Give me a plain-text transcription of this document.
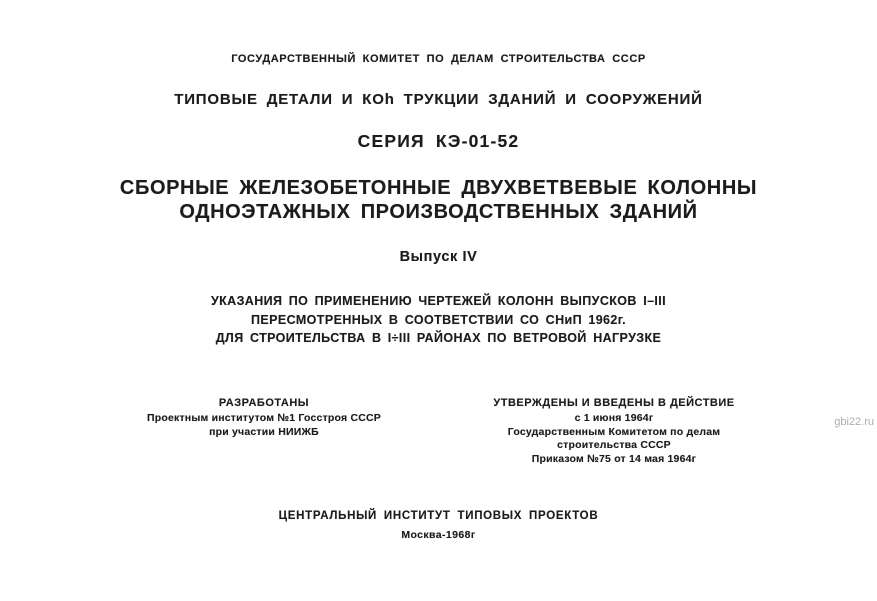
ГОСУДАРСТВЕННЫЙ КОМИТЕТ ПО ДЕЛАМ СТРОИТЕЛЬСТВА СССР
ТИПОВЫЕ ДЕТАЛИ И КОh ТРУКЦИИ ЗДАНИЙ И СООРУЖЕНИЙ
СЕРИЯ КЭ-01-52
СБОРНЫЕ ЖЕЛЕЗОБЕТОННЫЕ ДВУХВЕТВЕВЫЕ КОЛОННЫ
ОДНОЭТАЖНЫХ ПРОИЗВОДСТВЕННЫХ ЗДАНИЙ
Выпуск IV
УКАЗАНИЯ ПО ПРИМЕНЕНИЮ ЧЕРТЕЖЕЙ КОЛОНН ВЫПУСКОВ I–III
ПЕРЕСМОТРЕННЫХ В СООТВЕТСТВИИ СО СНиП 1962г.
ДЛЯ СТРОИТЕЛЬСТВА В I÷III РАЙОНАХ ПО ВЕТРОВОЙ НАГРУЗКЕ
РАЗРАБОТАНЫ
Проектным институтом №1 Госстроя СССР
при участии НИИЖБ
УТВЕРЖДЕНЫ И ВВЕДЕНЫ В ДЕЙСТВИЕ
с 1 июня 1964г
Государственным Комитетом по делам
строительства СССР
Приказом №75 от 14 мая 1964г
ЦЕНТРАЛЬНЫЙ ИНСТИТУТ ТИПОВЫХ ПРОЕКТОВ
Москва-1968г
gbi22.ru
